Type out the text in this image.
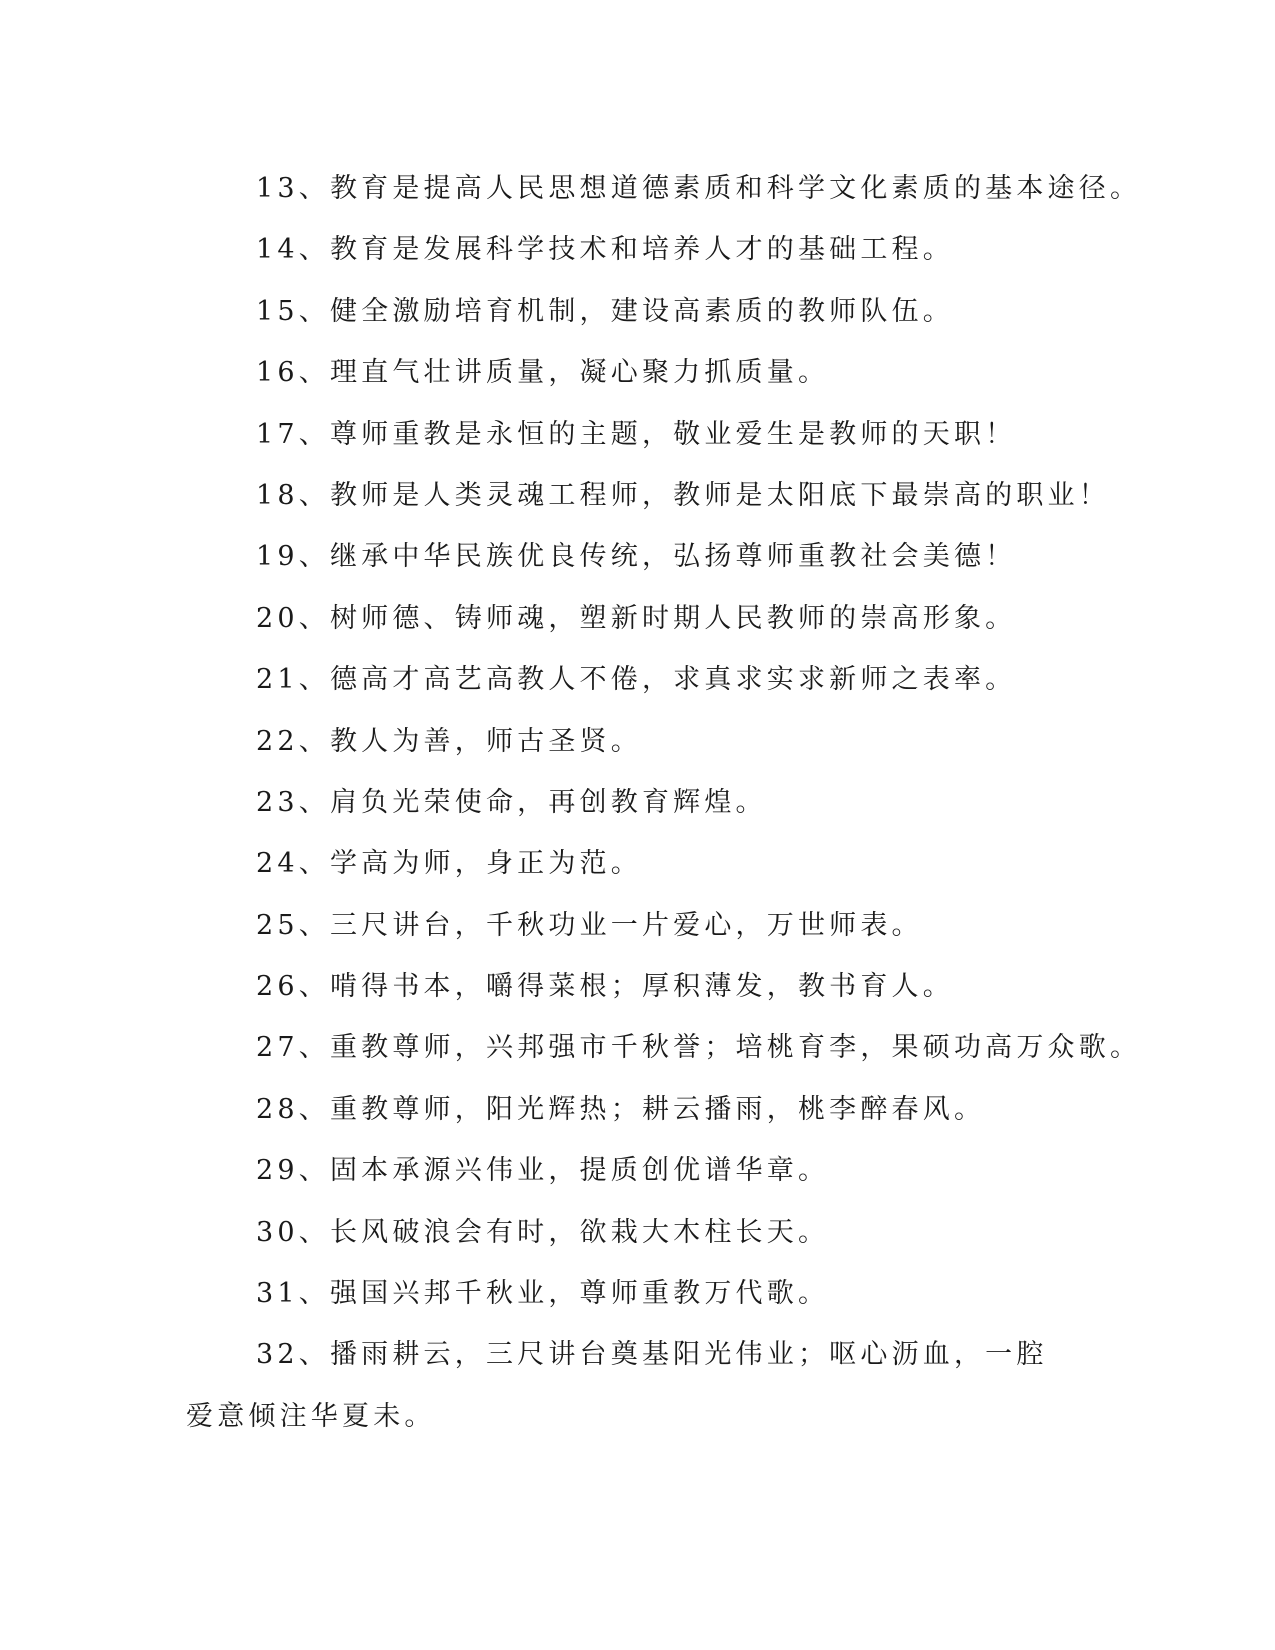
13、教育是提高人民思想道德素质和科学文化素质的基本途径。

14、教育是发展科学技术和培养人才的基础工程。

15、健全激励培育机制，建设高素质的教师队伍。

16、理直气壮讲质量，凝心聚力抓质量。

17、尊师重教是永恒的主题，敬业爱生是教师的天职！

18、教师是人类灵魂工程师，教师是太阳底下最崇高的职业！

19、继承中华民族优良传统，弘扬尊师重教社会美德！

20、树师德、铸师魂，塑新时期人民教师的崇高形象。

21、德高才高艺高教人不倦，求真求实求新师之表率。

22、教人为善，师古圣贤。

23、肩负光荣使命，再创教育辉煌。

24、学高为师，身正为范。

25、三尺讲台，千秋功业一片爱心，万世师表。

26、啃得书本，嚼得菜根；厚积薄发，教书育人。

27、重教尊师，兴邦强市千秋誉；培桃育李，果硕功高万众歌。

28、重教尊师，阳光辉热；耕云播雨，桃李醉春风。

29、固本承源兴伟业，提质创优谱华章。

30、长风破浪会有时，欲栽大木柱长天。

31、强国兴邦千秋业，尊师重教万代歌。

32、播雨耕云，三尺讲台奠基阳光伟业；呕心沥血，一腔爱意倾注华夏未。
